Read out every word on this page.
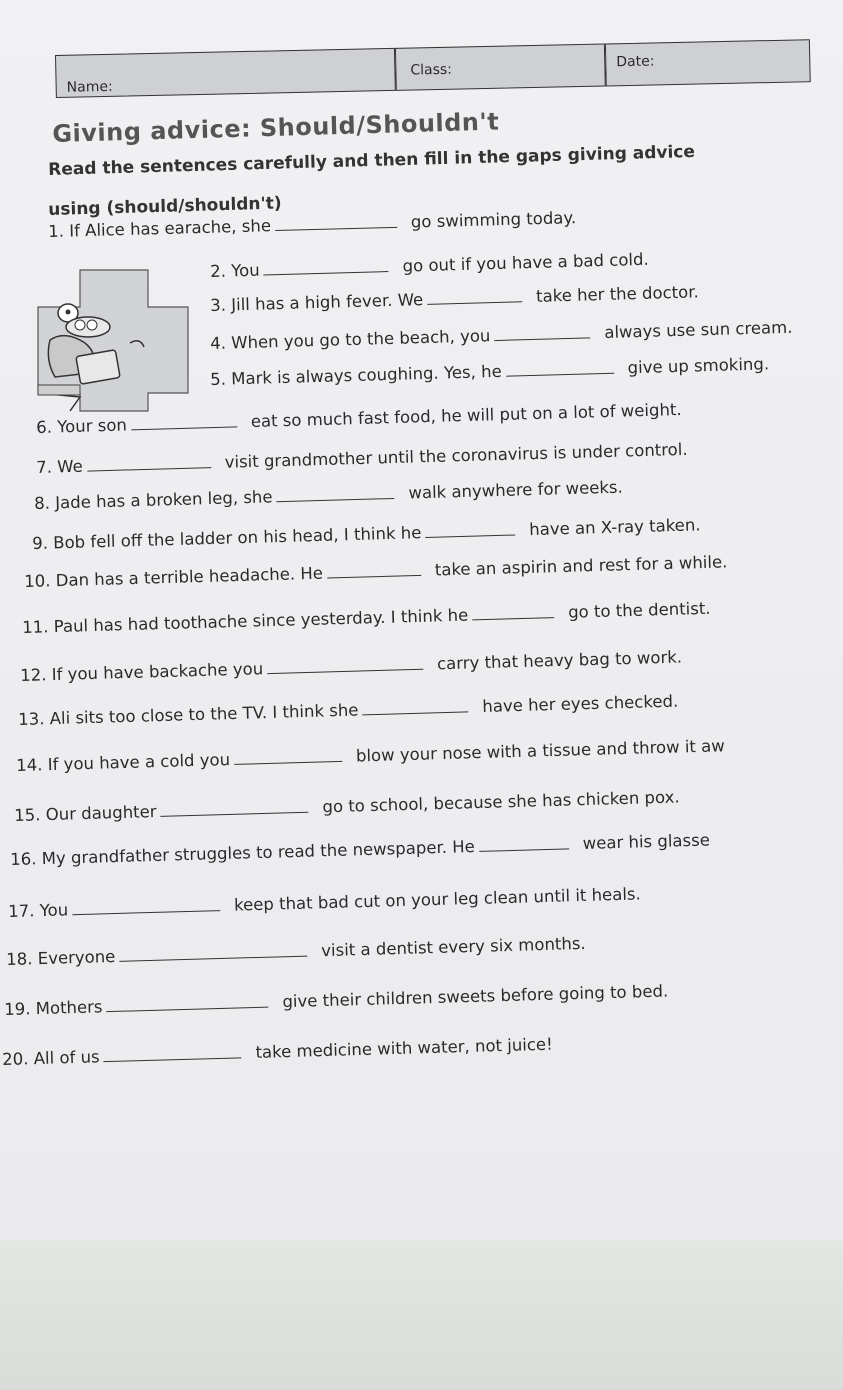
Name:
Class:	Date:
Giving advice: Should/Shouldn't
Read the sentences carefully and then fill in the gaps giving advice
using (should/shouldn't)
1. If Alice has earache, she	go swimming today.
2. You	go out if you have a bad cold.
3. Jill has a high fever. We	take her the doctor.
4. When you go to the beach, you	always use sun cream.
5. Mark is always coughing. Yes, he	give up smoking.
6. Your son	eat so much fast food, he will put on a lot of weight.
7. We	visit grandmother until the coronavirus is under control.
8. Jade has a broken leg, she	walk anywhere for weeks.
9. Bob fell off the ladder on his head, I think he	have an X-ray taken.
10. Dan has a terrible headache. He	take an aspirin and rest for a while.
11. Paul has had toothache since yesterday. I think he	go to the dentist.
12. If you have backache you	carry that heavy bag to work.
13. Ali sits too close to the TV. I think she	have her eyes checked.
14. If you have a cold you	blow your nose with a tissue and throw it aw
15. Our daughter	go to school, because she has chicken pox.
16. My grandfather struggles to read the newspaper. He	wear his glasse
17. You	keep that bad cut on your leg clean until it heals.
18. Everyone	visit a dentist every six months.
19. Mothers	give their children sweets before going to bed.
20. All of us	take medicine with water, not juice!
